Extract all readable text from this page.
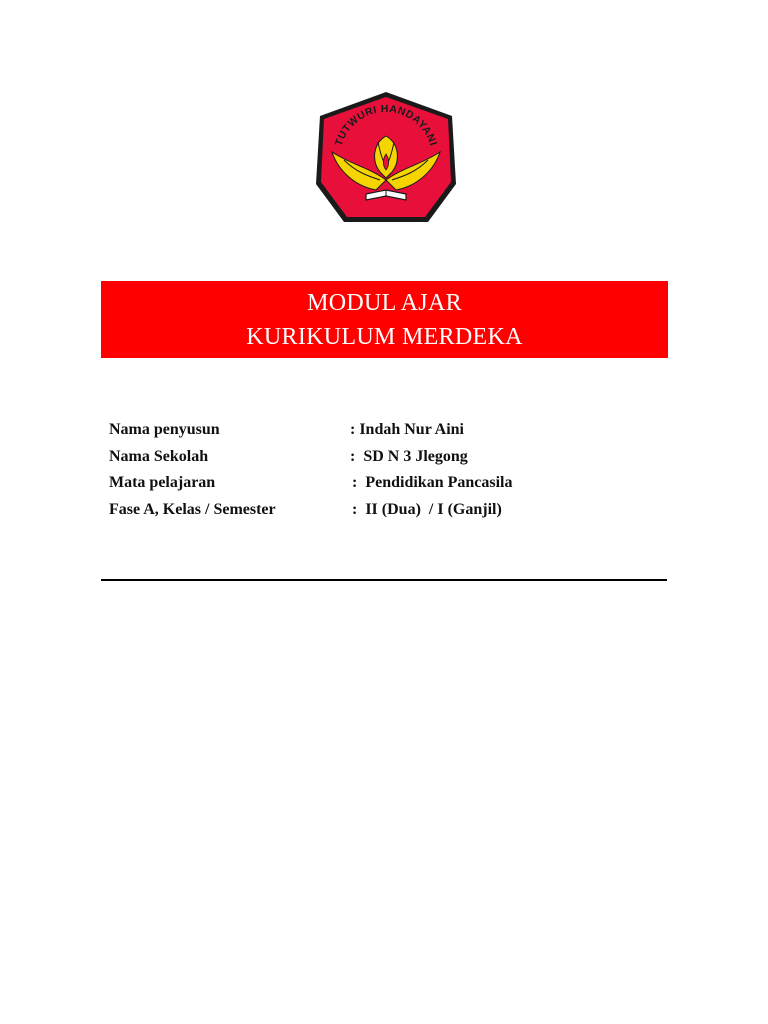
TUTWURI HANDAYANI
MODUL AJAR
KURIKULUM MERDEKA
Nama penyusun	: Indah Nur Aini
Nama Sekolah	:  SD N 3 Jlegong
Mata pelajaran	:  Pendidikan Pancasila
Fase A, Kelas / Semester	:  II (Dua)  / I (Ganjil)
